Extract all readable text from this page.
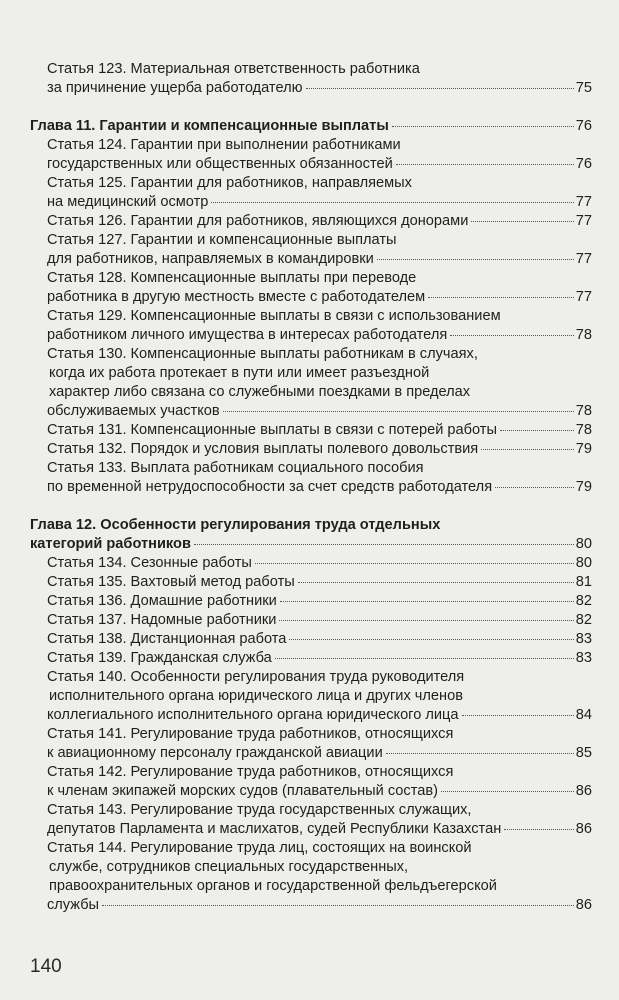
Статья 123. Материальная ответственность работника
за причинение ущерба работодателю	75
Глава 11. Гарантии и компенсационные выплаты	76
Статья 124. Гарантии при выполнении работниками
государственных или общественных обязанностей	76
Статья 125. Гарантии для работников, направляемых
на медицинский осмотр	77
Статья 126. Гарантии для работников, являющихся донорами	77
Статья 127. Гарантии и компенсационные выплаты
для работников, направляемых в командировки	77
Статья 128. Компенсационные выплаты при переводе
работника в другую местность вместе с работодателем	77
Статья 129. Компенсационные выплаты в связи с использованием
работником личного имущества в интересах работодателя	78
Статья 130. Компенсационные выплаты работникам в случаях,
когда их работа протекает в пути или имеет разъездной
характер либо связана со служебными поездками в пределах
обслуживаемых участков	78
Статья 131. Компенсационные выплаты в связи с потерей работы	78
Статья 132. Порядок и условия выплаты полевого довольствия	79
Статья 133. Выплата работникам социального пособия
по временной нетрудоспособности за счет средств работодателя	79
Глава 12. Особенности регулирования труда отдельных
категорий работников	80
Статья 134. Сезонные работы	80
Статья 135. Вахтовый метод работы	81
Статья 136. Домашние работники	82
Статья 137. Надомные работники	82
Статья 138. Дистанционная работа	83
Статья 139. Гражданская служба	83
Статья 140. Особенности регулирования труда руководителя
исполнительного органа юридического лица и других членов
коллегиального исполнительного органа юридического лица	84
Статья 141. Регулирование труда работников, относящихся
к авиационному персоналу гражданской авиации	85
Статья 142. Регулирование труда работников, относящихся
к членам экипажей морских судов (плавательный состав)	86
Статья 143. Регулирование труда государственных служащих,
депутатов Парламента и маслихатов, судей Республики Казахстан	86
Статья 144. Регулирование труда лиц, состоящих на воинской
службе, сотрудников специальных государственных,
правоохранительных органов и государственной фельдъегерской
службы	86
140
